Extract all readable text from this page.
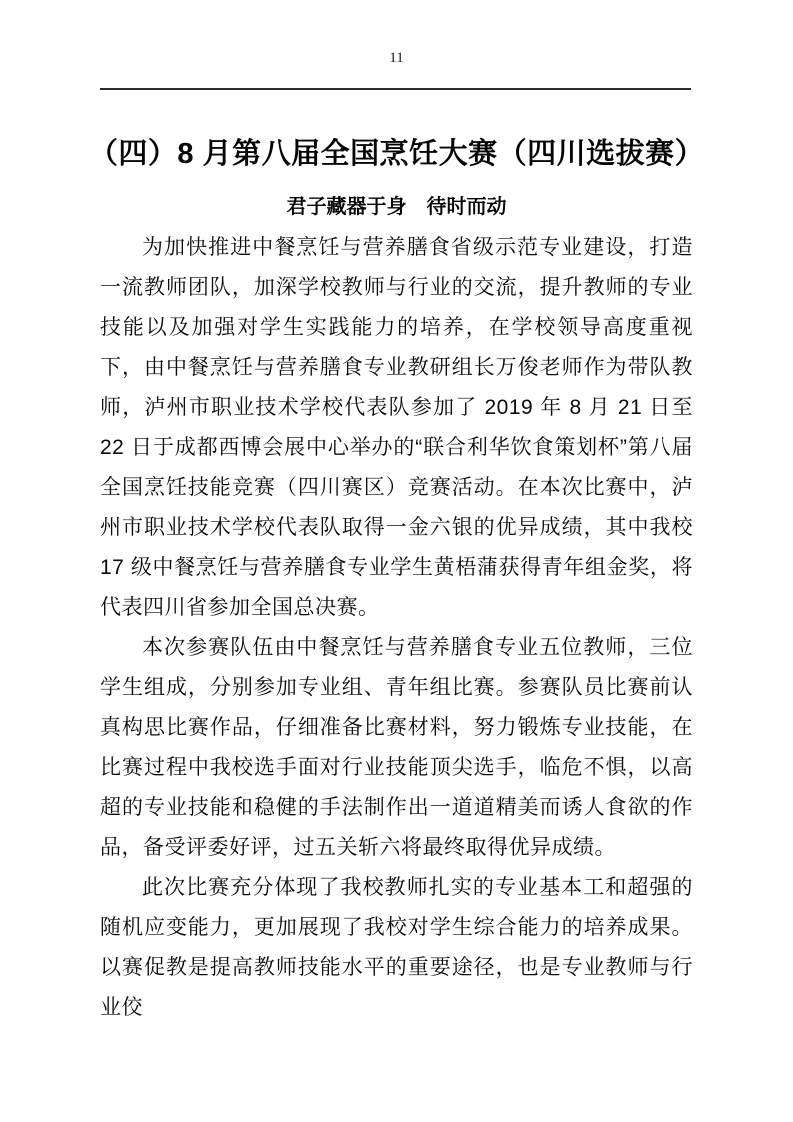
11
（四）8 月第八届全国烹饪大赛（四川选拔赛）
君子藏器于身　待时而动

为加快推进中餐烹饪与营养膳食省级示范专业建设，打造一流教师团队，加深学校教师与行业的交流，提升教师的专业技能以及加强对学生实践能力的培养，在学校领导高度重视下，由中餐烹饪与营养膳食专业教研组长万俊老师作为带队教师，泸州市职业技术学校代表队参加了 2019 年 8 月 21 日至 22 日于成都西博会展中心举办的“联合利华饮食策划杯”第八届全国烹饪技能竞赛（四川赛区）竞赛活动。在本次比赛中，泸州市职业技术学校代表队取得一金六银的优异成绩，其中我校 17 级中餐烹饪与营养膳食专业学生黄梧蒲获得青年组金奖，将代表四川省参加全国总决赛。

本次参赛队伍由中餐烹饪与营养膳食专业五位教师，三位学生组成，分别参加专业组、青年组比赛。参赛队员比赛前认真构思比赛作品，仔细准备比赛材料，努力锻炼专业技能，在比赛过程中我校选手面对行业技能顶尖选手，临危不惧，以高超的专业技能和稳健的手法制作出一道道精美而诱人食欲的作品，备受评委好评，过五关斩六将最终取得优异成绩。

此次比赛充分体现了我校教师扎实的专业基本工和超强的随机应变能力，更加展现了我校对学生综合能力的培养成果。以赛促教是提高教师技能水平的重要途径，也是专业教师与行业佼
